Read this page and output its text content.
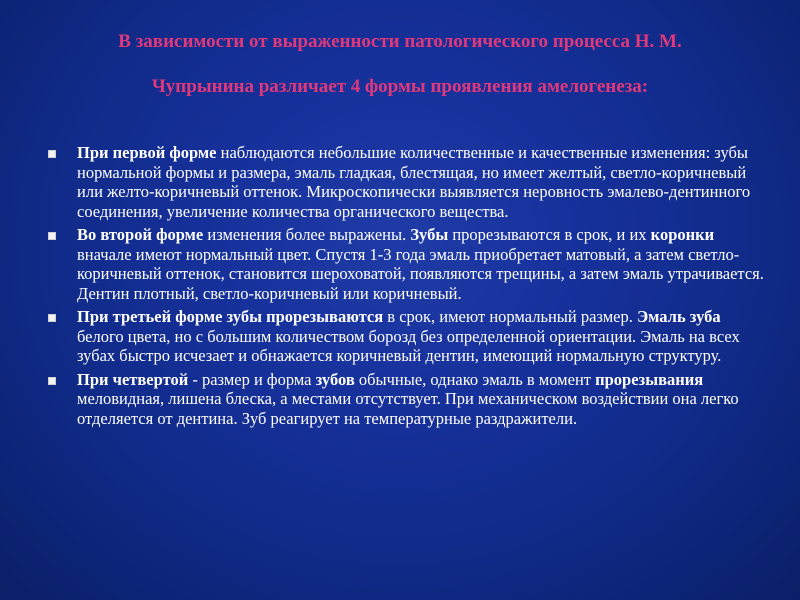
В зависимости от выраженности патологического процесса Н. М.
Чупрынина различает 4 формы проявления амелогенеза:
При первой форме наблюдаются небольшие количественные и качественные изменения: зубы нормальной формы и размера, эмаль гладкая, блестящая, но имеет желтый, светло-коричневый или желто-коричневый оттенок. Микроскопически выявляется неровность эмалево-дентинного соединения, увеличение количества органического вещества.
Во второй форме изменения более выражены. Зубы прорезываются в срок, и их коронки вначале имеют нормальный цвет. Спустя 1-3 года эмаль приобретает матовый, а затем светло-коричневый оттенок, становится шероховатой, появляются трещины, а затем эмаль утрачивается. Дентин плотный, светло-коричневый или коричневый.
При третьей форме зубы прорезываются в срок, имеют нормальный размер. Эмаль зуба белого цвета, но с большим количеством борозд без определенной ориентации. Эмаль на всех зубах быстро исчезает и обнажается коричневый дентин, имеющий нормальную структуру.
При четвертой - размер и форма зубов обычные, однако эмаль в момент прорезывания меловидная, лишена блеска, а местами отсутствует. При механическом воздействии она легко отделяется от дентина. Зуб реагирует на температурные раздражители.
